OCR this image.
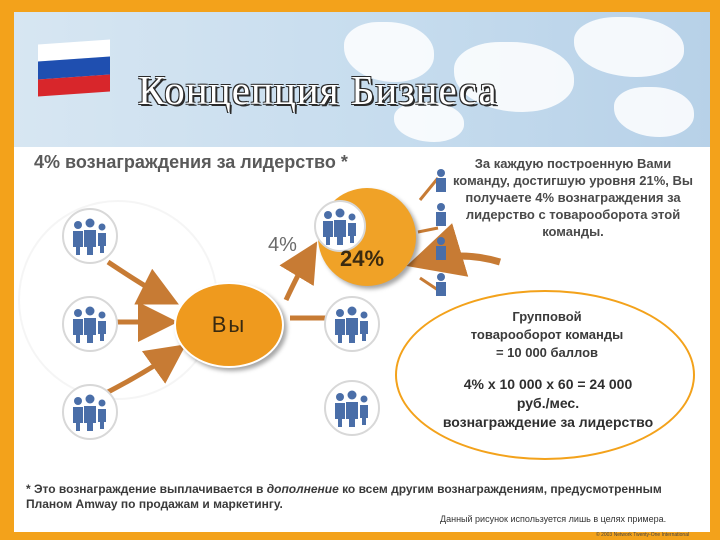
Концепция Бизнеса
4% вознаграждения за лидерство *
Вы
4%
24%
За каждую построенную Вами команду, достигшую уровня 21%, Вы получаете 4% вознаграждения за лидерство с товарооборота этой команды.
Групповой
товарооборот команды
= 10 000 баллов
4% х 10 000 х 60 = 24 000
руб./мес.
вознаграждение за лидерство
* Это вознаграждение выплачивается в дополнение ко всем другим вознаграждениям, предусмотренным Планом Amway по продажам и маркетингу.
Данный рисунок используется лишь в целях примера.
© 2003 Network Twenty-One International
